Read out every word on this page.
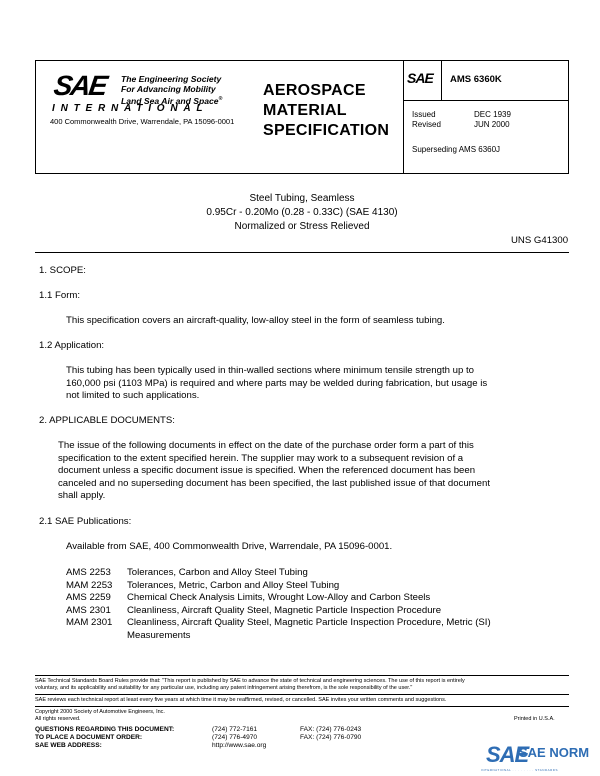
SAE The Engineering Society
For Advancing Mobility
Land Sea Air and Space®
INTERNATIONAL
400 Commonwealth Drive, Warrendale, PA 15096-0001
AEROSPACE
MATERIAL
SPECIFICATION
SAE AMS 6360K
Issued	DEC 1939
Revised	JUN 2000
Superseding AMS 6360J
Steel Tubing, Seamless
0.95Cr - 0.20Mo (0.28 - 0.33C) (SAE 4130)
Normalized or Stress Relieved
UNS G41300
1. SCOPE:
1.1 Form:
This specification covers an aircraft-quality, low-alloy steel in the form of seamless tubing.
1.2 Application:
This tubing has been typically used in thin-walled sections where minimum tensile strength up to
160,000 psi (1103 MPa) is required and where parts may be welded during fabrication, but usage is
not limited to such applications.
2. APPLICABLE DOCUMENTS:
The issue of the following documents in effect on the date of the purchase order form a part of this
specification to the extent specified herein. The supplier may work to a subsequent revision of a
document unless a specific document issue is specified. When the referenced document has been
canceled and no superseding document has been specified, the last published issue of that document
shall apply.
2.1 SAE Publications:
Available from SAE, 400 Commonwealth Drive, Warrendale, PA 15096-0001.
AMS 2253	Tolerances, Carbon and Alloy Steel Tubing
MAM 2253	Tolerances, Metric, Carbon and Alloy Steel Tubing
AMS 2259	Chemical Check Analysis Limits, Wrought Low-Alloy and Carbon Steels
AMS 2301	Cleanliness, Aircraft Quality Steel, Magnetic Particle Inspection Procedure
MAM 2301	Cleanliness, Aircraft Quality Steel, Magnetic Particle Inspection Procedure, Metric (SI)
	Measurements
SAE Technical Standards Board Rules provide that: "This report is published by SAE to advance the state of technical and engineering sciences. The use of this report is entirely
voluntary, and its applicability and suitability for any particular use, including any patent infringement arising therefrom, is the sole responsibility of the user."
SAE reviews each technical report at least every five years at which time it may be reaffirmed, revised, or cancelled. SAE invites your written comments and suggestions.
Copyright 2000 Society of Automotive Engineers, Inc.
All rights reserved.	Printed in U.S.A.
QUESTIONS REGARDING THIS DOCUMENT:	(724) 772-7161	FAX: (724) 776-0243
TO PLACE A DOCUMENT ORDER:	(724) 776-4970	FAX: (724) 776-0790
SAE WEB ADDRESS:	http://www.sae.org	SAE
SAE NORM
INTERNATIONAL · · · · · · · · STANDARDS
